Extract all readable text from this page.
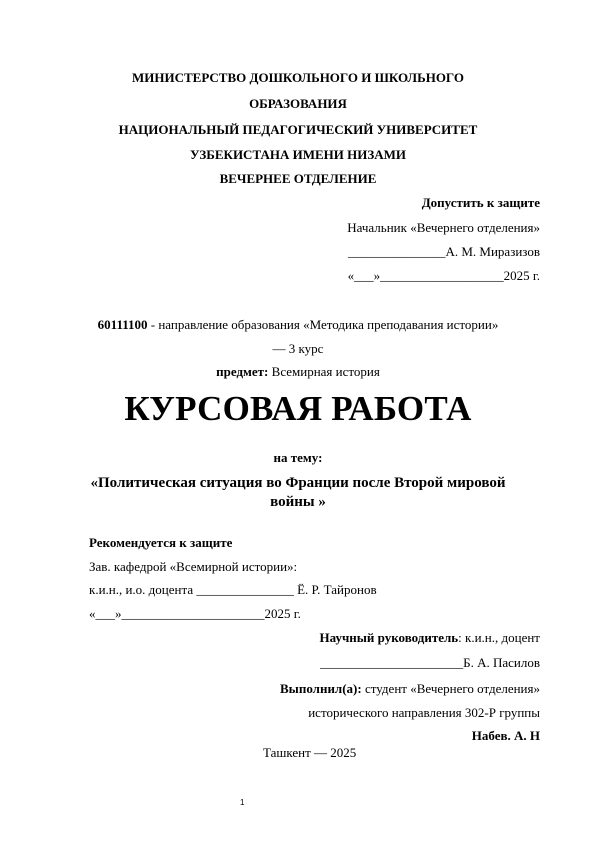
МИНИСТЕРСТВО ДОШКОЛЬНОГО И ШКОЛЬНОГО
ОБРАЗОВАНИЯ
НАЦИОНАЛЬНЫЙ ПЕДАГОГИЧЕСКИЙ УНИВЕРСИТЕТ
УЗБЕКИСТАНА ИМЕНИ НИЗАМИ
ВЕЧЕРНЕЕ ОТДЕЛЕНИЕ
Допустить к защите
Начальник «Вечернего отделения»
_______________А. М. Миразизов
«___»___________________2025 г.
60111100 - направление образования «Методика преподавания истории»
— 3 курс
предмет: Всемирная история
КУРСОВАЯ РАБОТА
на тему:
«Политическая ситуация во Франции после Второй мировой
войны »
Рекомендуется к защите
Зав. кафедрой «Всемирной истории»:
к.и.н., и.о. доцента _______________ Ё. Р. Тайронов
«___»______________________2025 г.
Научный руководитель: к.и.н., доцент
______________________Б. А. Пасилов
Выполнил(а): студент «Вечернего отделения»
исторического направления 302-Р группы
Набев. А. Н
Ташкент — 2025
1
